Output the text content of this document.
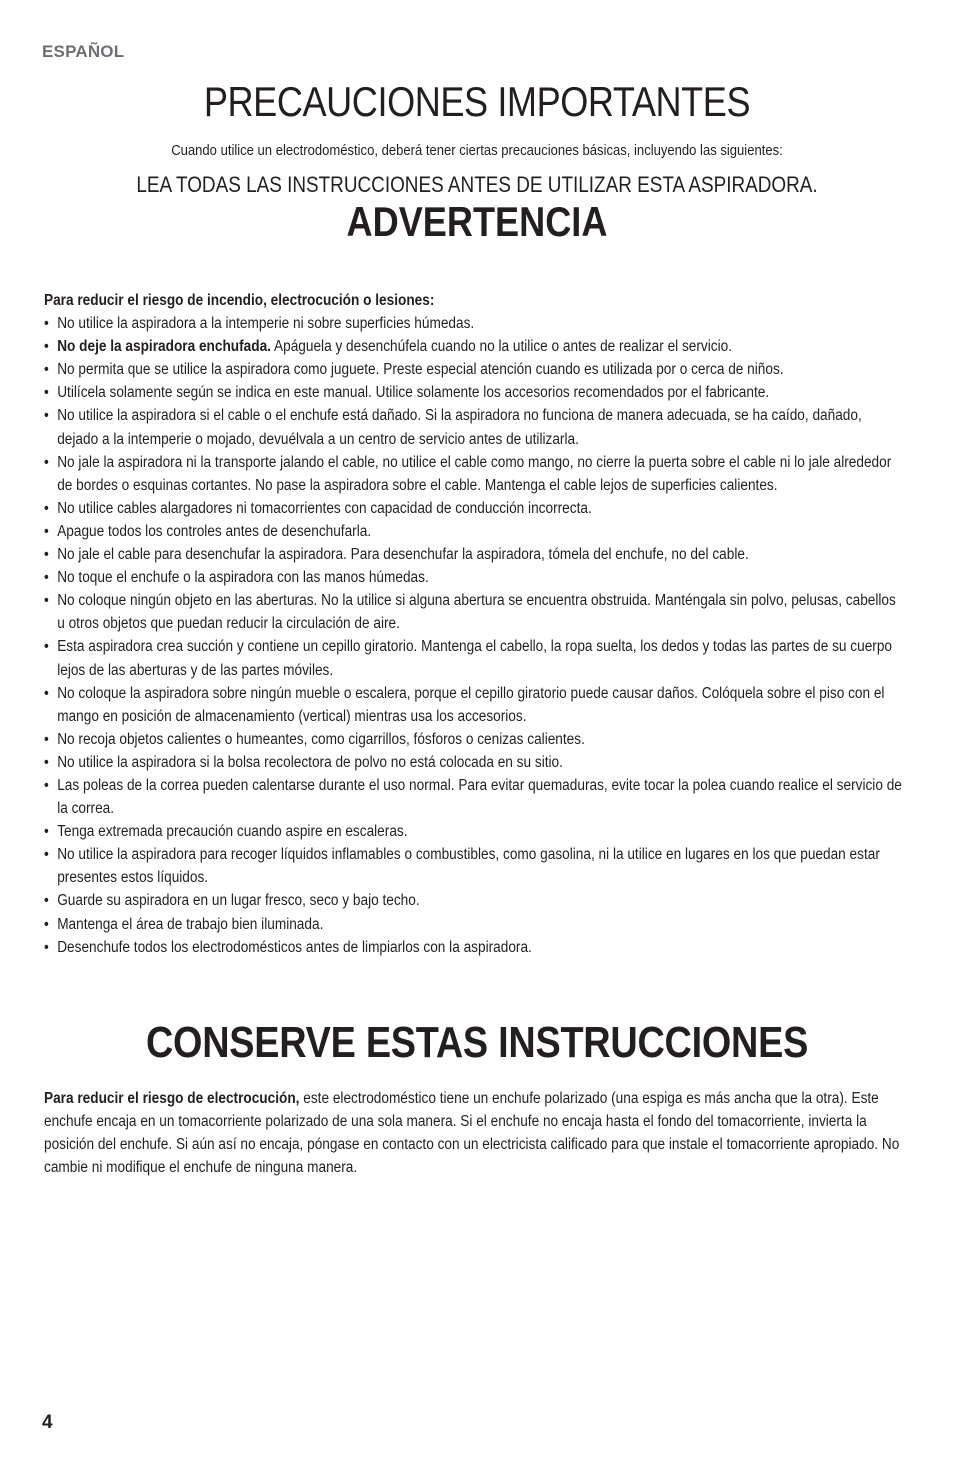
ESPAÑOL
PRECAUCIONES IMPORTANTES

Cuando utilice un electrodoméstico, deberá tener ciertas precauciones básicas, incluyendo las siguientes:

LEA TODAS LAS INSTRUCCIONES ANTES DE UTILIZAR ESTA ASPIRADORA.

ADVERTENCIA

Para reducir el riesgo de incendio, electrocución o lesiones:

• No utilice la aspiradora a la intemperie ni sobre superficies húmedas.
• No deje la aspiradora enchufada. Apáguela y desenchúfela cuando no la utilice o antes de realizar el servicio.
• No permita que se utilice la aspiradora como juguete. Preste especial atención cuando es utilizada por o cerca de niños.
• Utilícela solamente según se indica en este manual. Utilice solamente los accesorios recomendados por el fabricante.
• No utilice la aspiradora si el cable o el enchufe está dañado. Si la aspiradora no funciona de manera adecuada, se ha caído, dañado, dejado a la intemperie o mojado, devuélvala a un centro de servicio antes de utilizarla.
• No jale la aspiradora ni la transporte jalando el cable, no utilice el cable como mango, no cierre la puerta sobre el cable ni lo jale alrededor de bordes o esquinas cortantes. No pase la aspiradora sobre el cable. Mantenga el cable lejos de superficies calientes.
• No utilice cables alargadores ni tomacorrientes con capacidad de conducción incorrecta.
• Apague todos los controles antes de desenchufarla.
• No jale el cable para desenchufar la aspiradora. Para desenchufar la aspiradora, tómela del enchufe, no del cable.
• No toque el enchufe o la aspiradora con las manos húmedas.
• No coloque ningún objeto en las aberturas. No la utilice si alguna abertura se encuentra obstruida. Manténgala sin polvo, pelusas, cabellos u otros objetos que puedan reducir la circulación de aire.
• Esta aspiradora crea succión y contiene un cepillo giratorio. Mantenga el cabello, la ropa suelta, los dedos y todas las partes de su cuerpo lejos de las aberturas y de las partes móviles.
• No coloque la aspiradora sobre ningún mueble o escalera, porque el cepillo giratorio puede causar daños. Colóquela sobre el piso con el mango en posición de almacenamiento (vertical) mientras usa los accesorios.
• No recoja objetos calientes o humeantes, como cigarrillos, fósforos o cenizas calientes.
• No utilice la aspiradora si la bolsa recolectora de polvo no está colocada en su sitio.
• Las poleas de la correa pueden calentarse durante el uso normal. Para evitar quemaduras, evite tocar la polea cuando realice el servicio de la correa.
• Tenga extremada precaución cuando aspire en escaleras.
• No utilice la aspiradora para recoger líquidos inflamables o combustibles, como gasolina, ni la utilice en lugares en los que puedan estar presentes estos líquidos.
• Guarde su aspiradora en un lugar fresco, seco y bajo techo.
• Mantenga el área de trabajo bien iluminada.
• Desenchufe todos los electrodomésticos antes de limpiarlos con la aspiradora.
CONSERVE ESTAS INSTRUCCIONES

Para reducir el riesgo de electrocución, este electrodoméstico tiene un enchufe polarizado (una espiga es más ancha que la otra). Este enchufe encaja en un tomacorriente polarizado de una sola manera. Si el enchufe no encaja hasta el fondo del tomacorriente, invierta la posición del enchufe. Si aún así no encaja, póngase en contacto con un electricista calificado para que instale el tomacorriente apropiado. No cambie ni modifique el enchufe de ninguna manera.

4
